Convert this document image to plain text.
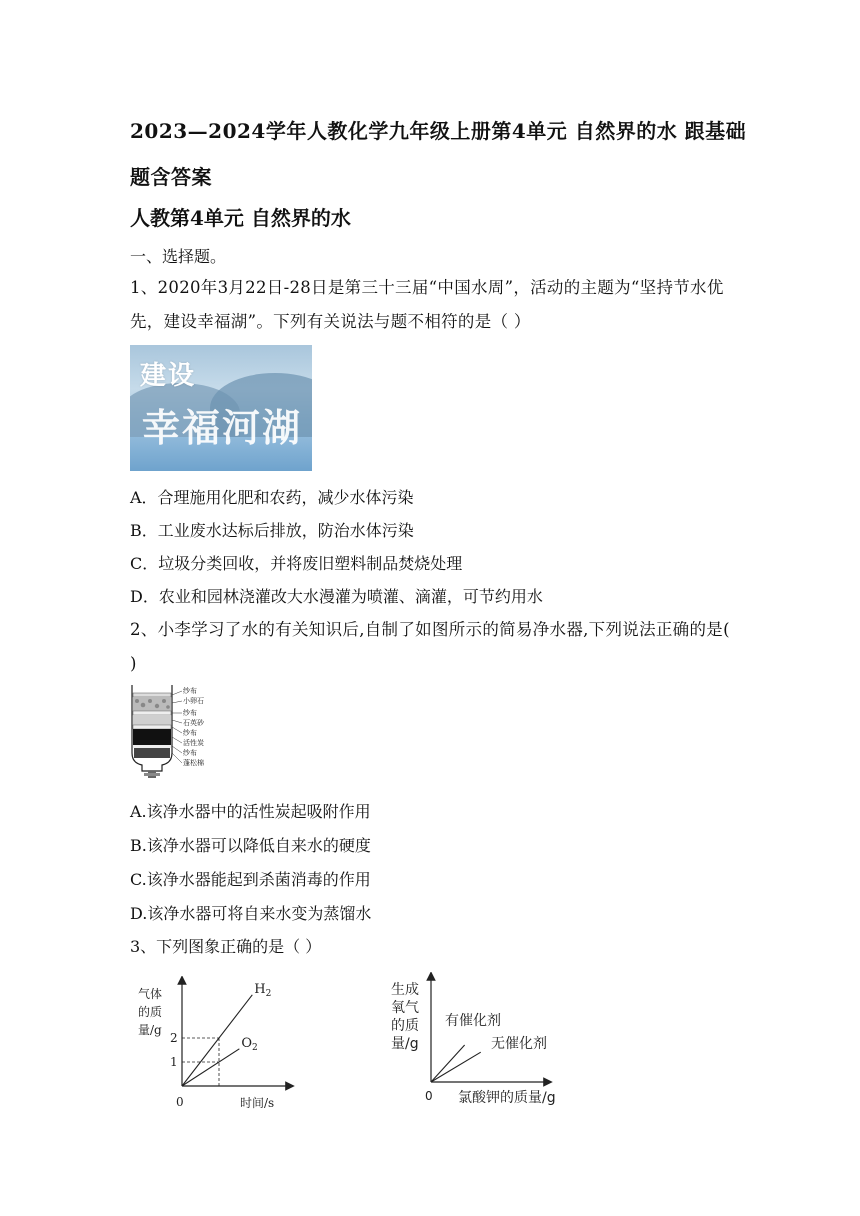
2023—2024学年人教化学九年级上册第4单元 自然界的水 跟基础题含答案
人教第4单元 自然界的水
一、选择题。
1、2020年3月22日-28日是第三十三届“中国水周”，活动的主题为“坚持节水优先，建设幸福湖”。下列有关说法与题不相符的是（ ）
建设
幸福河湖
A．合理施用化肥和农药，减少水体污染
B．工业废水达标后排放，防治水体污染
C．垃圾分类回收，并将废旧塑料制品焚烧处理
D．农业和园林浇灌改大水漫灌为喷灌、滴灌，可节约用水
2、小李学习了水的有关知识后,自制了如图所示的简易净水器,下列说法正确的是( )
纱布
小卵石
纱布
石英砂
纱布
活性炭
纱布
蓬松棉
A.该净水器中的活性炭起吸附作用
B.该净水器可以降低自来水的硬度
C.该净水器能起到杀菌消毒的作用
D.该净水器可将自来水变为蒸馏水
3、下列图象正确的是（ ）
气体
的质
量/g
0	时间/s
1
2
$H_2$
$O_2$
生成
氧气
的质
量/g
0 氯酸钾的质量/g
有催化剂
无催化剂
